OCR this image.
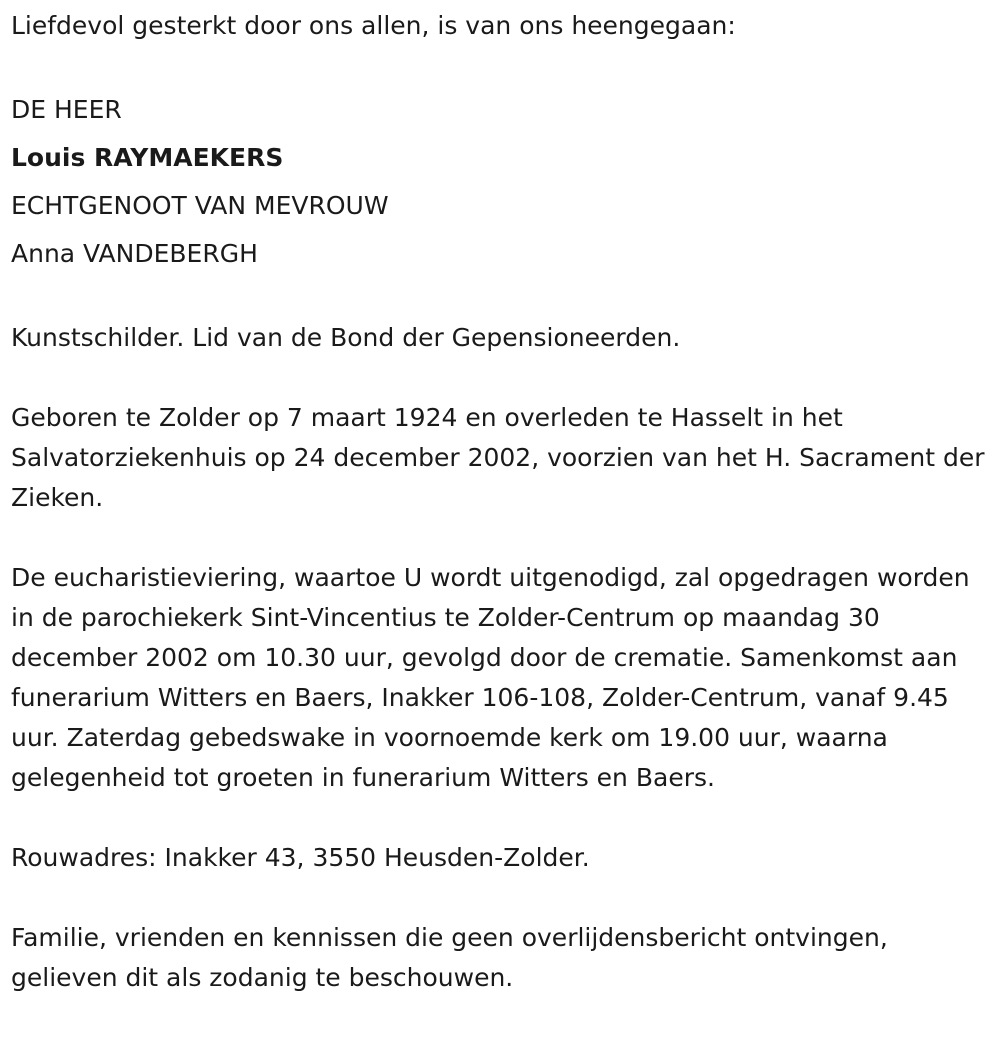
Liefdevol gesterkt door ons allen, is van ons heengegaan:

DE HEER

Louis RAYMAEKERS

ECHTGENOOT VAN MEVROUW

Anna VANDEBERGH

Kunstschilder. Lid van de Bond der Gepensioneerden.

Geboren te Zolder op 7 maart 1924 en overleden te Hasselt in het Salvatorziekenhuis op 24 december 2002, voorzien van het H. Sacrament der Zieken.

De eucharistieviering, waartoe U wordt uitgenodigd, zal opgedragen worden in de parochiekerk Sint-Vincentius te Zolder-Centrum op maandag 30 december 2002 om 10.30 uur, gevolgd door de crematie. Samenkomst aan funerarium Witters en Baers, Inakker 106-108, Zolder-Centrum, vanaf 9.45 uur. Zaterdag gebedswake in voornoemde kerk om 19.00 uur, waarna gelegenheid tot groeten in funerarium Witters en Baers.

Rouwadres: Inakker 43, 3550 Heusden-Zolder.

Familie, vrienden en kennissen die geen overlijdensbericht ontvingen, gelieven dit als zodanig te beschouwen.
